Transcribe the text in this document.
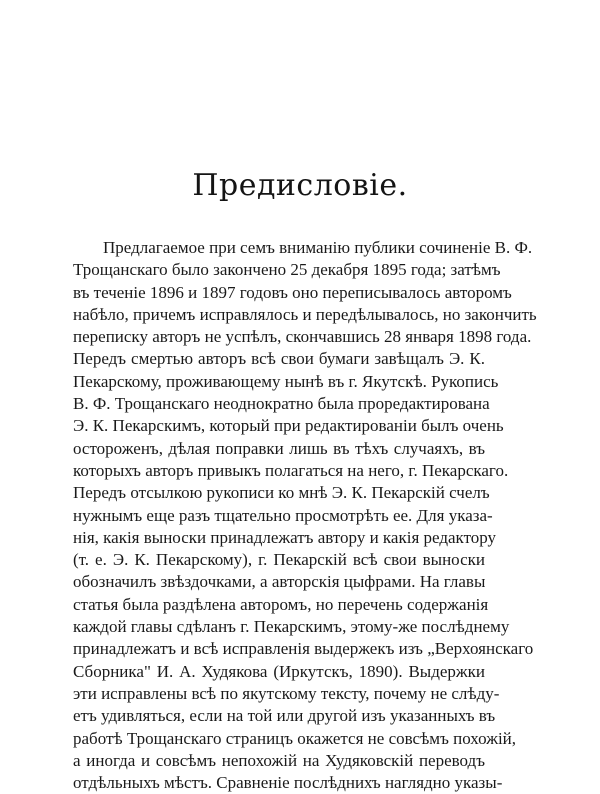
Предисловіе.
Предлагаемое при семъ вниманію публики сочиненіе В. Ф.
Трощанскаго было закончено 25 декабря 1895 года; затѣмъ
въ теченіе 1896 и 1897 годовъ оно переписывалось авторомъ
набѣло, причемъ исправлялось и передѣлывалось, но закончить
переписку авторъ не успѣлъ, скончавшись 28 января 1898 года.
Передъ смертью авторъ всѣ свои бумаги завѣщалъ Э. К.
Пекарскому, проживающему нынѣ въ г. Якутскѣ. Рукопись
В. Ф. Трощанскаго неоднократно была проредактирована
Э. К. Пекарскимъ, который при редактированіи былъ очень
остороженъ, дѣлая поправки лишь въ тѣхъ случаяхъ, въ
которыхъ авторъ привыкъ полагаться на него, г. Пекарскаго.
Передъ отсылкою рукописи ко мнѣ Э. К. Пекарскій счелъ
нужнымъ еще разъ тщательно просмотрѣть ее. Для указа-
нія, какія выноски принадлежатъ автору и какія редактору
(т. е. Э. К. Пекарскому), г. Пекарскій всѣ свои выноски
обозначилъ звѣздочками, а авторскія цыфрами. На главы
статья была раздѣлена авторомъ, но перечень содержанія
каждой главы сдѣланъ г. Пекарскимъ, этому-же послѣднему
принадлежатъ и всѣ исправленія выдержекъ изъ „Верхоянскаго
Сборника" И. А. Худякова (Иркутскъ, 1890). Выдержки
эти исправлены всѣ по якутскому тексту, почему не слѣду-
етъ удивляться, если на той или другой изъ указанныхъ въ
работѣ Трощанскаго страницъ окажется не совсѣмъ похожій,
а иногда и совсѣмъ непохожій на Худяковскій переводъ
отдѣльныхъ мѣстъ. Сравненіе послѣднихъ наглядно указы-
